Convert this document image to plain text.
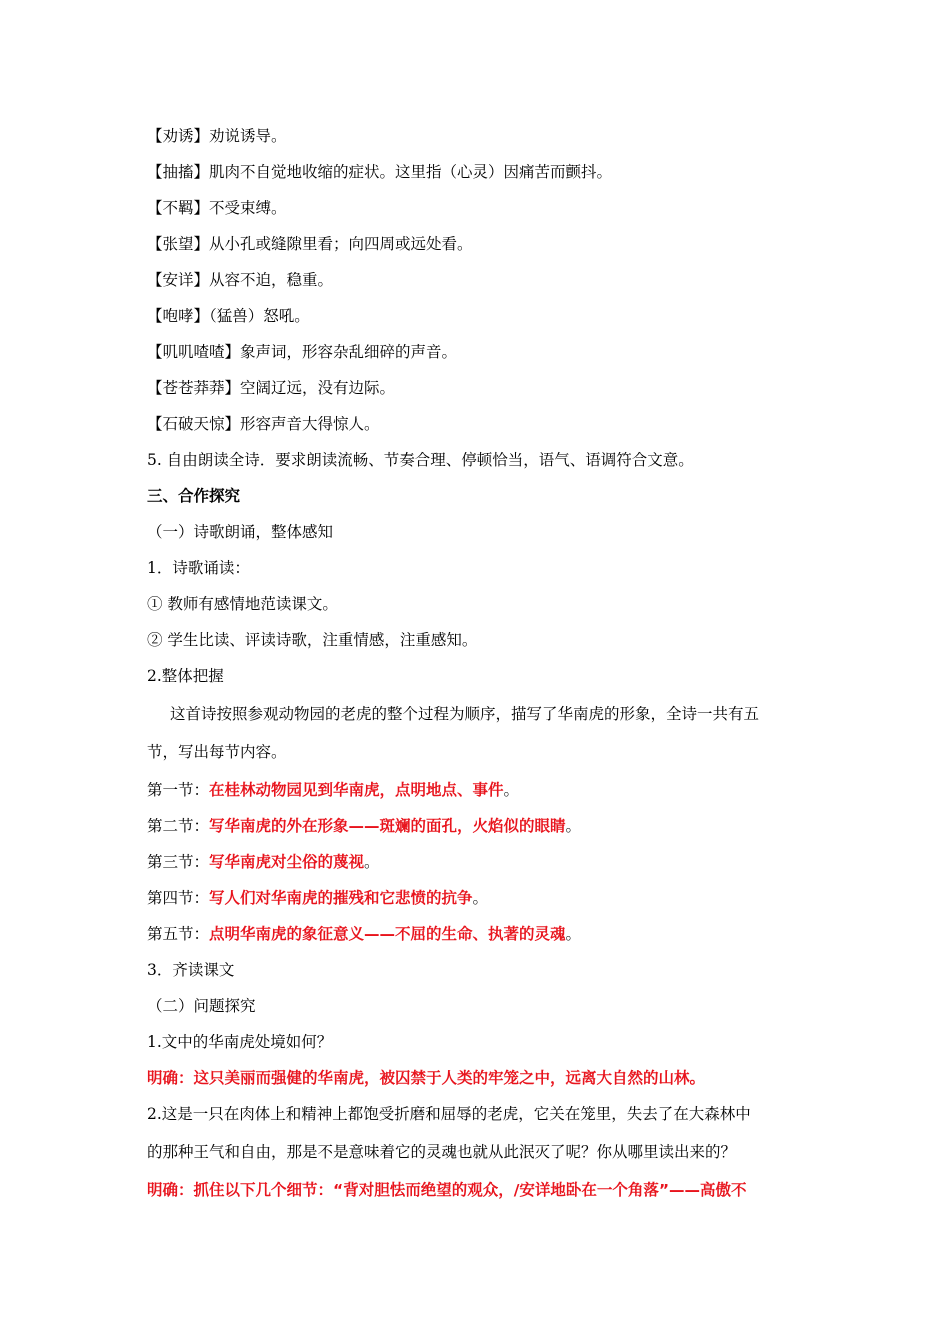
【劝诱】劝说诱导。
【抽搐】肌肉不自觉地收缩的症状。这里指（心灵）因痛苦而颤抖。
【不羁】不受束缚。
【张望】从小孔或缝隙里看；向四周或远处看。
【安详】从容不迫，稳重。
【咆哮】（猛兽）怒吼。
【叽叽喳喳】象声词，形容杂乱细碎的声音。
【苍苍莽莽】空阔辽远，没有边际。
【石破天惊】形容声音大得惊人。
5. 自由朗读全诗．要求朗读流畅、节奏合理、停顿恰当，语气、语调符合文意。
三、合作探究
（一）诗歌朗诵，整体感知
1．诗歌诵读：
① 教师有感情地范读课文。
② 学生比读、评读诗歌，注重情感，注重感知。
2.整体把握
这首诗按照参观动物园的老虎的整个过程为顺序，描写了华南虎的形象，全诗一共有五
节，写出每节内容。
第一节：在桂林动物园见到华南虎，点明地点、事件。
第二节：写华南虎的外在形象——斑斓的面孔，火焰似的眼睛。
第三节：写华南虎对尘俗的蔑视。
第四节：写人们对华南虎的摧残和它悲愤的抗争。
第五节：点明华南虎的象征意义——不屈的生命、执著的灵魂。
3．齐读课文
（二）问题探究
1.文中的华南虎处境如何？
明确：这只美丽而强健的华南虎，被囚禁于人类的牢笼之中，远离大自然的山林。
2.这是一只在肉体上和精神上都饱受折磨和屈辱的老虎，它关在笼里，失去了在大森林中
的那种王气和自由，那是不是意味着它的灵魂也就从此泯灭了呢？你从哪里读出来的？
明确：抓住以下几个细节：“背对胆怯而绝望的观众，/安详地卧在一个角落”——高傲不
